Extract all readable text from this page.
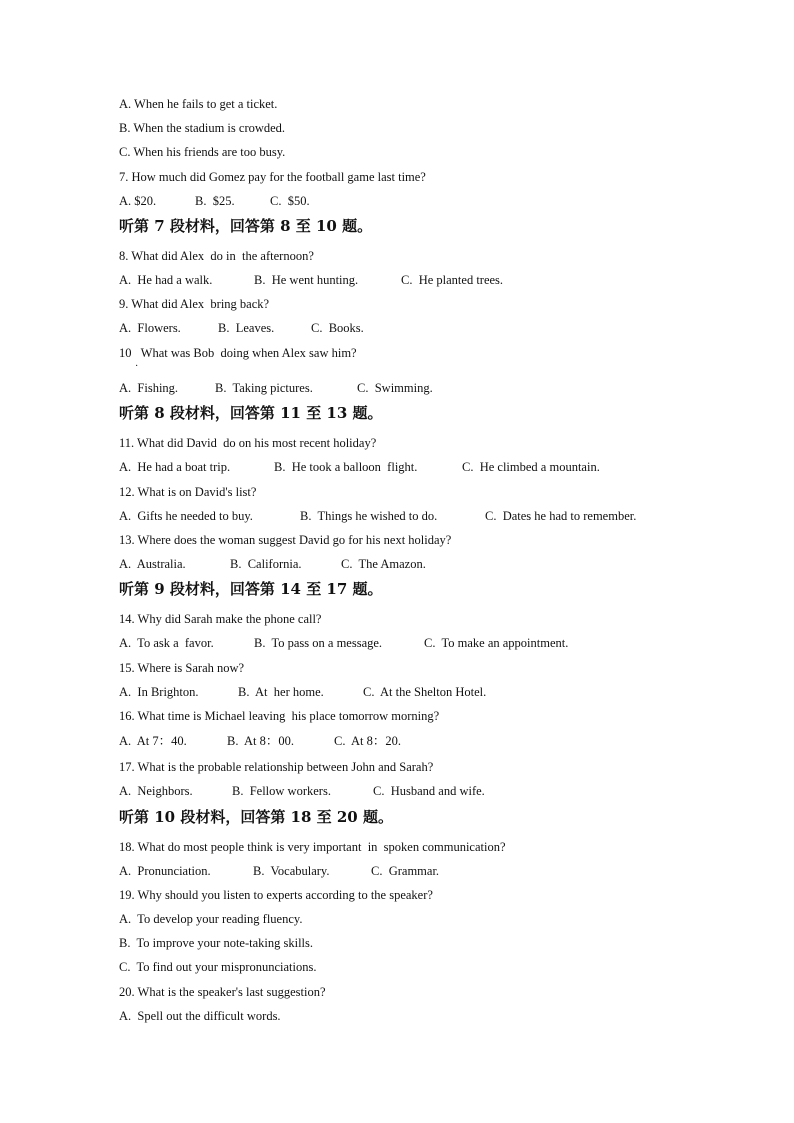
A. When he fails to get a ticket.
B. When the stadium is crowded.
C. When his friends are too busy.
7. How much did Gomez pay for the football game last time?
A. $20.	B.  $25.	C.  $50.
听第 7 段材料，回答第 8 至 10 题。
8. What did Alex  do in  the afternoon?
A.  He had a walk.	B.  He went hunting.	C.  He planted trees.
9. What did Alex  bring back?
A.  Flowers.	B.  Leaves.	C.  Books.
10   What was Bob  doing when Alex saw him?
·
A.  Fishing.	B.  Taking pictures.	C.  Swimming.
听第 8 段材料，回答第 11 至 13 题。
11. What did David  do on his most recent holiday?
A.  He had a boat trip.	B.  He took a balloon  flight.	C.  He climbed a mountain.
12. What is on David's list?
A.  Gifts he needed to buy.	B.  Things he wished to do.	C.  Dates he had to remember.
13. Where does the woman suggest David go for his next holiday?
A.  Australia.	B.  California.	C.  The Amazon.
听第 9 段材料，回答第 14 至 17 题。
14. Why did Sarah make the phone call?
A.  To ask a  favor.	B.  To pass on a message.	C.  To make an appointment.
15. Where is Sarah now?
A.  In Brighton.	B.  At  her home.	C.  At the Shelton Hotel.
16. What time is Michael leaving  his place tomorrow morning?
A.  At 7：40.	B.  At 8：00.	C.  At 8：20.
17. What is the probable relationship between John and Sarah?
A.  Neighbors.	B.  Fellow workers.	C.  Husband and wife.
听第 10 段材料，回答第 18 至 20 题。
18. What do most people think is very important  in  spoken communication?
A.  Pronunciation.	B.  Vocabulary.	C.  Grammar.
19. Why should you listen to experts according to the speaker?
A.  To develop your reading fluency.
B.  To improve your note-taking skills.
C.  To find out your mispronunciations.
20. What is the speaker's last suggestion?
A.  Spell out the difficult words.
